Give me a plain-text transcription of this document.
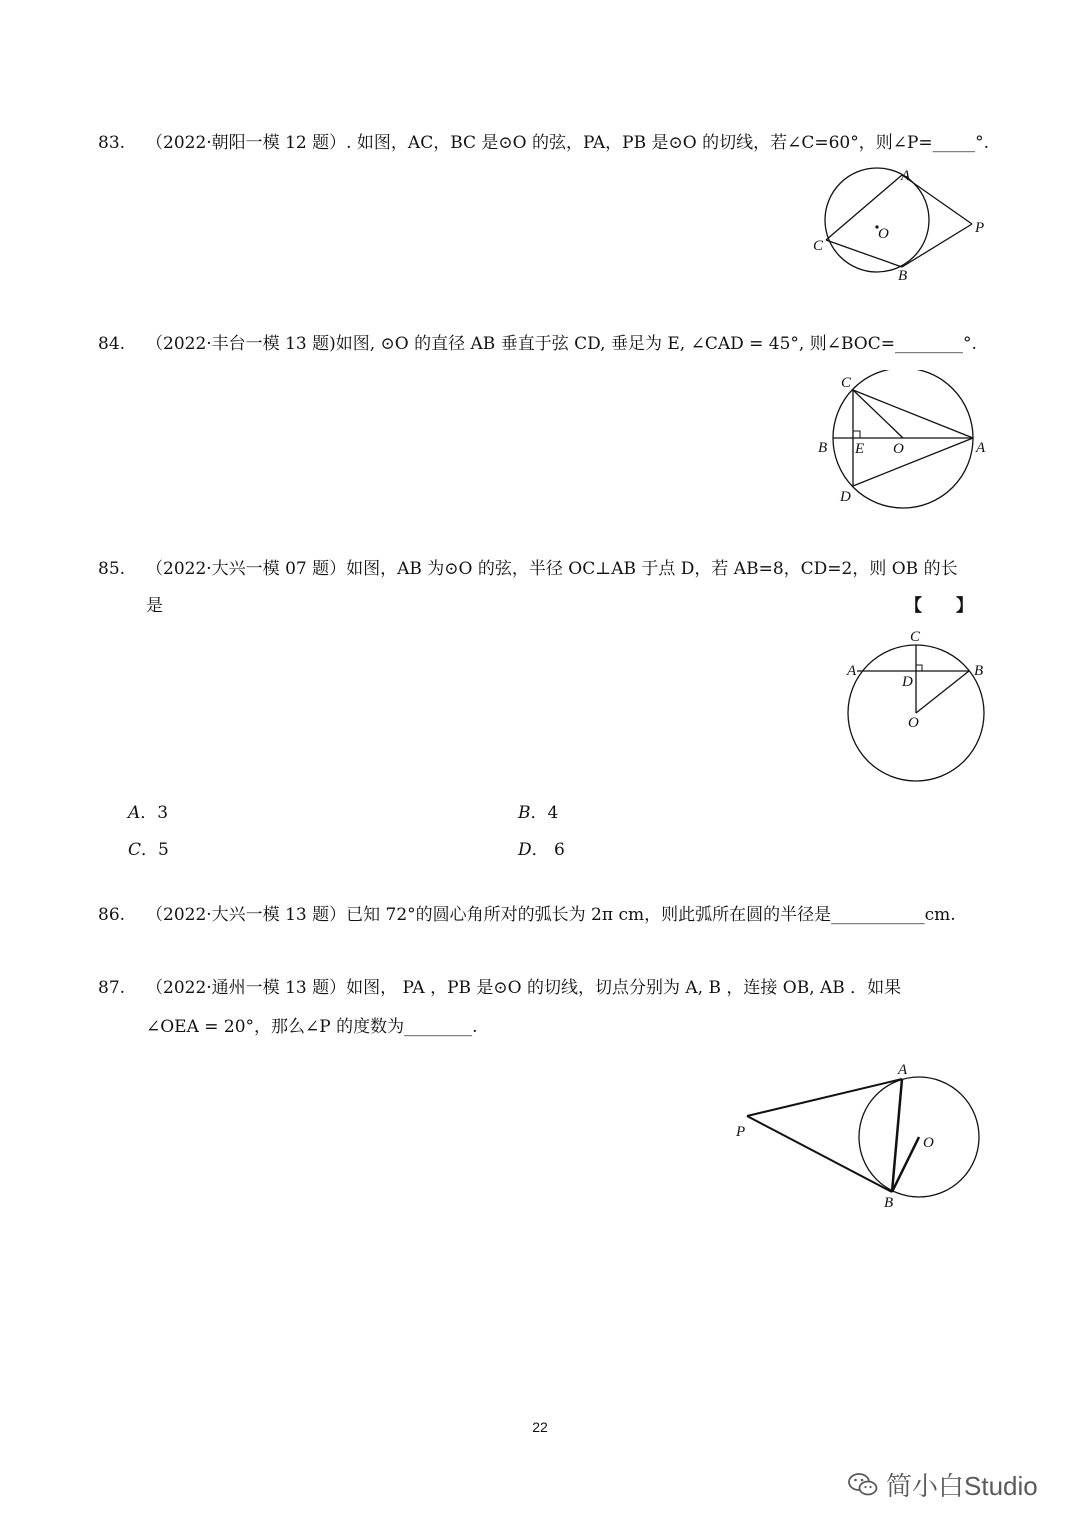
83. （2022·朝阳一模 12 题）. 如图，AC，BC 是⊙O 的弦，PA，PB 是⊙O 的切线，若∠C=60°，则∠P=_____°.
A
C
O	P
B
84. （2022·丰台一模 13 题)如图, ⊙O 的直径 AB 垂直于弦 CD, 垂足为 E, ∠CAD = 45°, 则∠BOC=________°.
C
B E O	A
D
85. （2022·大兴一模 07 题）如图，AB 为⊙O 的弦，半径 OC⊥AB 于点 D，若 AB=8，CD=2，则 OB 的长
是	【　　】
C
A	B
D
O
A．3	B．4
C．5	D． 6
86. （2022·大兴一模 13 题）已知 72°的圆心角所对的弧长为 2π cm，则此弧所在圆的半径是___________cm.
87. （2022·通州一模 13 题）如图， PA ，PB 是⊙O 的切线，切点分别为 A, B ，连接 OB, AB ．如果
∠OEA = 20°，那么∠P 的度数为________.
A
P
O
B
22
简小白Studio
